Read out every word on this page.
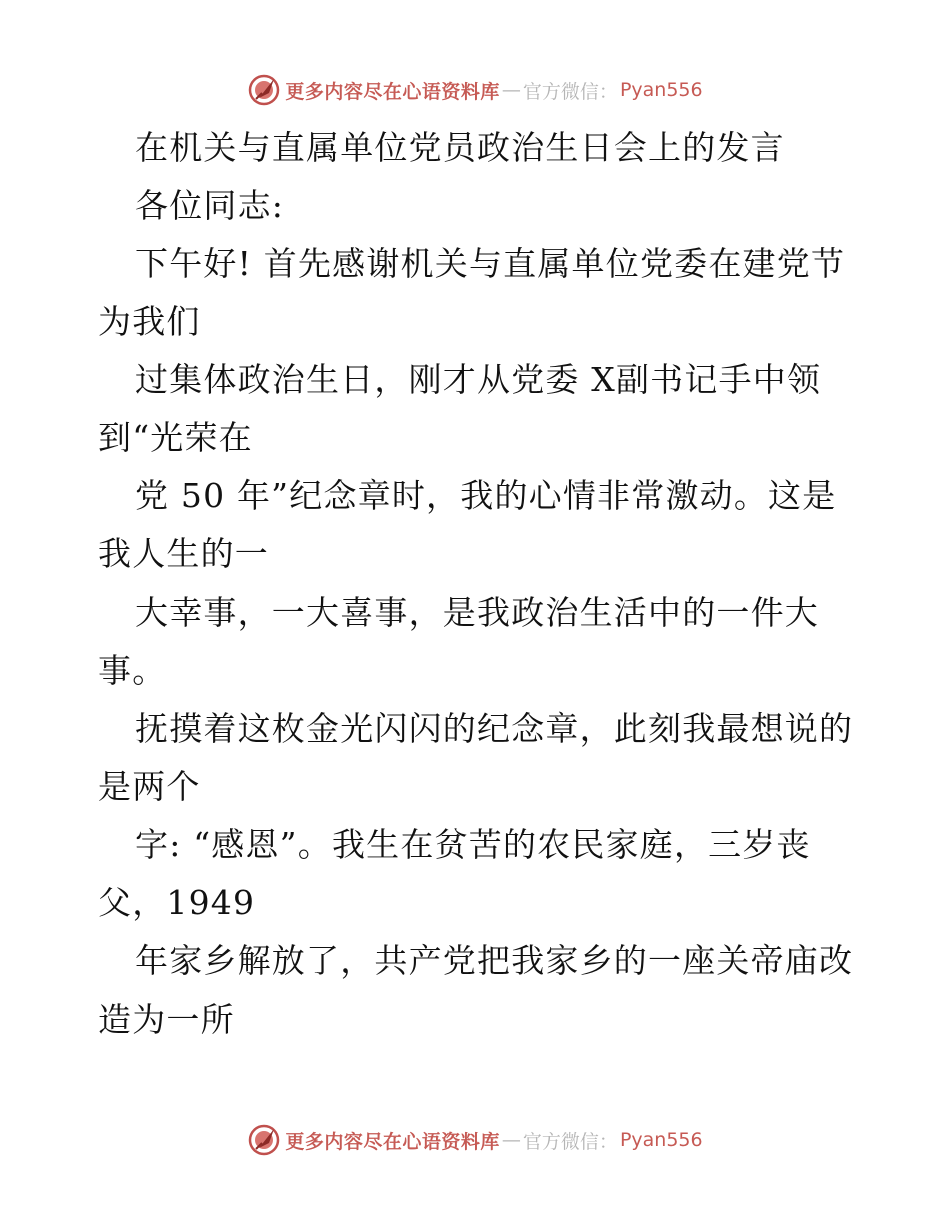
更多内容尽在心语资料库 — 官方微信： Pyan556
在机关与直属单位党员政治生日会上的发言
各位同志:
下午好! 首先感谢机关与直属单位党委在建党节
为我们
过集体政治生日，刚才从党委 X副书记手中领
到“光荣在
党 50 年”纪念章时，我的心情非常激动。这是
我人生的一
大幸事，一大喜事，是我政治生活中的一件大
事。
抚摸着这枚金光闪闪的纪念章，此刻我最想说的
是两个
字: “感恩”。我生在贫苦的农民家庭，三岁丧
父，1949
年家乡解放了，共产党把我家乡的一座关帝庙改
造为一所
更多内容尽在心语资料库 — 官方微信： Pyan556
